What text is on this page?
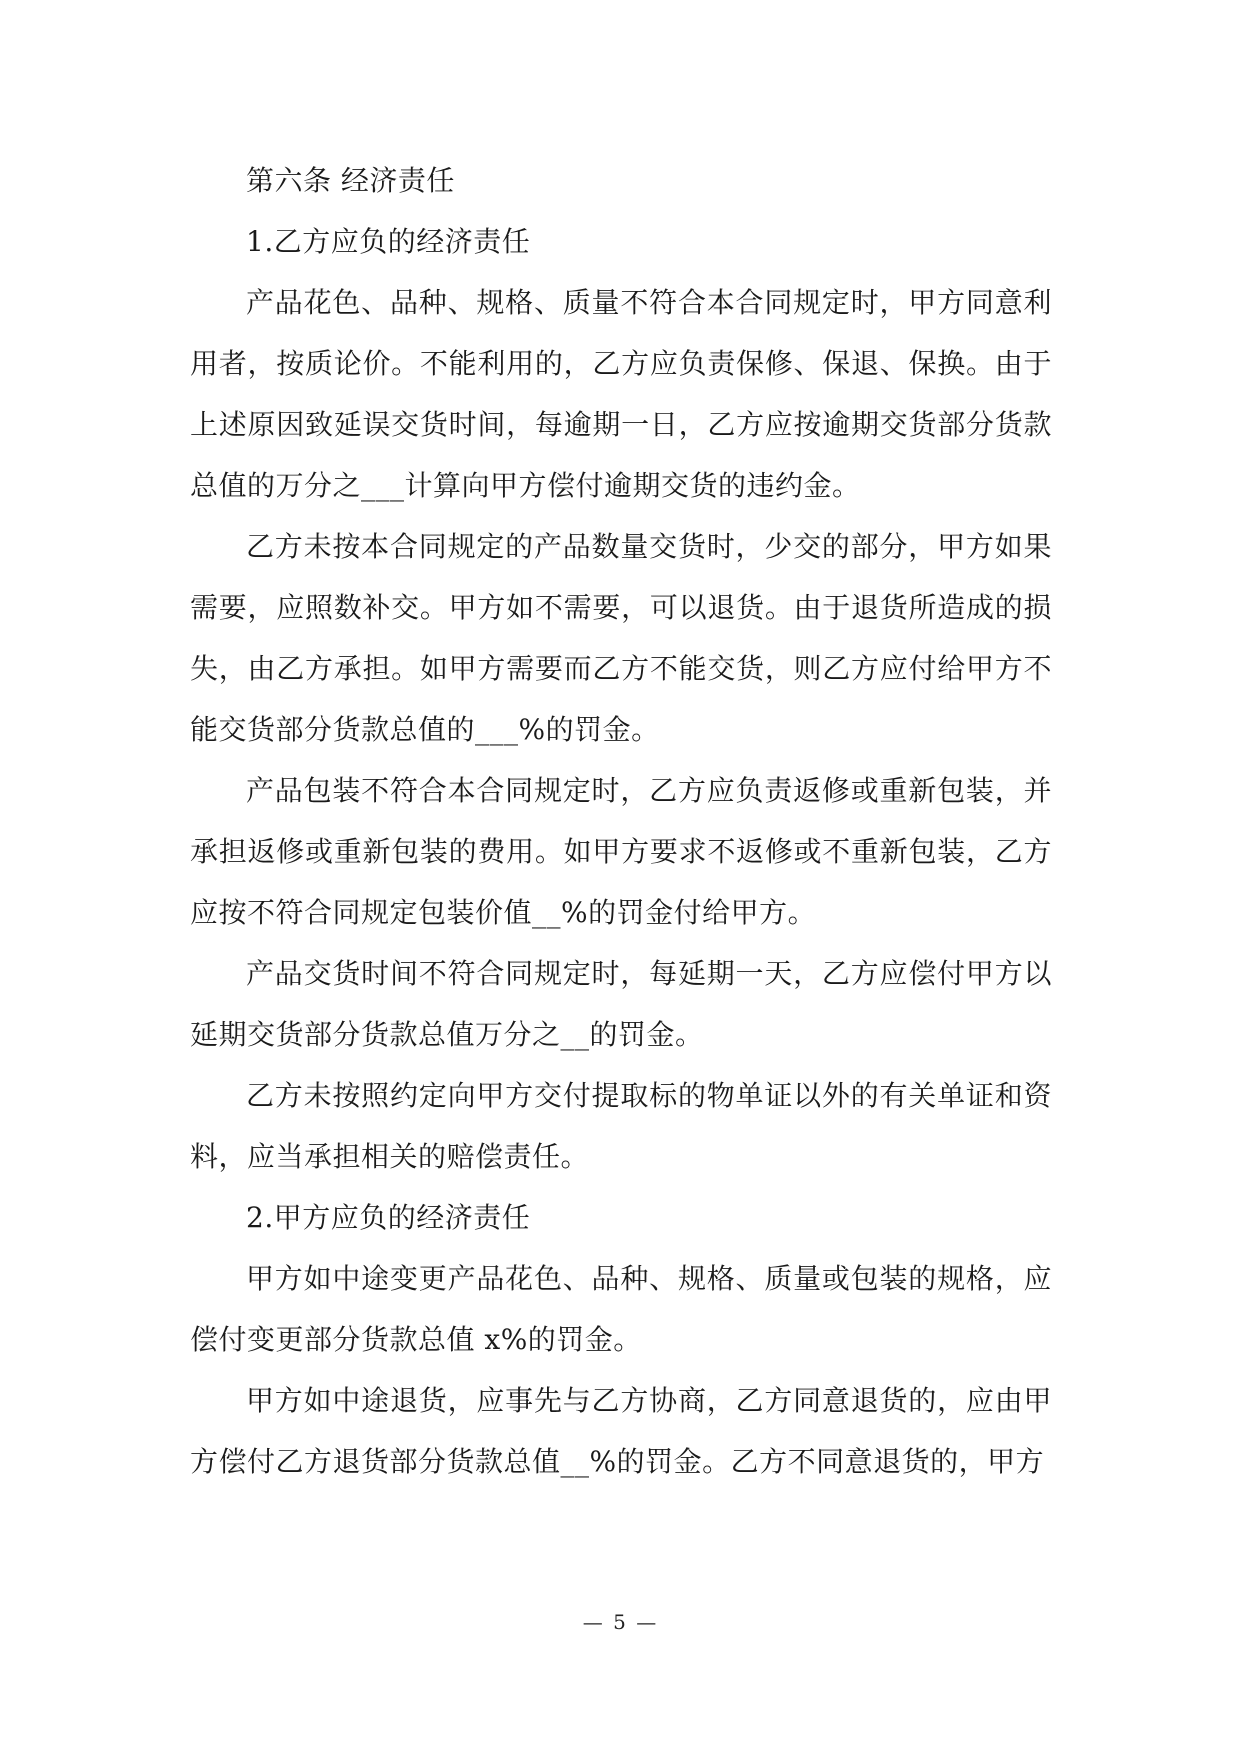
第六条 经济责任

1.乙方应负的经济责任

产品花色、品种、规格、质量不符合本合同规定时，甲方同意利用者，按质论价。不能利用的，乙方应负责保修、保退、保换。由于上述原因致延误交货时间，每逾期一日，乙方应按逾期交货部分货款总值的万分之___计算向甲方偿付逾期交货的违约金。

乙方未按本合同规定的产品数量交货时，少交的部分，甲方如果需要，应照数补交。甲方如不需要，可以退货。由于退货所造成的损失，由乙方承担。如甲方需要而乙方不能交货，则乙方应付给甲方不能交货部分货款总值的___%的罚金。

产品包装不符合本合同规定时，乙方应负责返修或重新包装，并承担返修或重新包装的费用。如甲方要求不返修或不重新包装，乙方应按不符合同规定包装价值__%的罚金付给甲方。

产品交货时间不符合同规定时，每延期一天，乙方应偿付甲方以延期交货部分货款总值万分之__的罚金。

乙方未按照约定向甲方交付提取标的物单证以外的有关单证和资料，应当承担相关的赔偿责任。

2.甲方应负的经济责任

甲方如中途变更产品花色、品种、规格、质量或包装的规格，应偿付变更部分货款总值 x%的罚金。

甲方如中途退货，应事先与乙方协商，乙方同意退货的，应由甲方偿付乙方退货部分货款总值__%的罚金。乙方不同意退货的，甲方

— 5 —
